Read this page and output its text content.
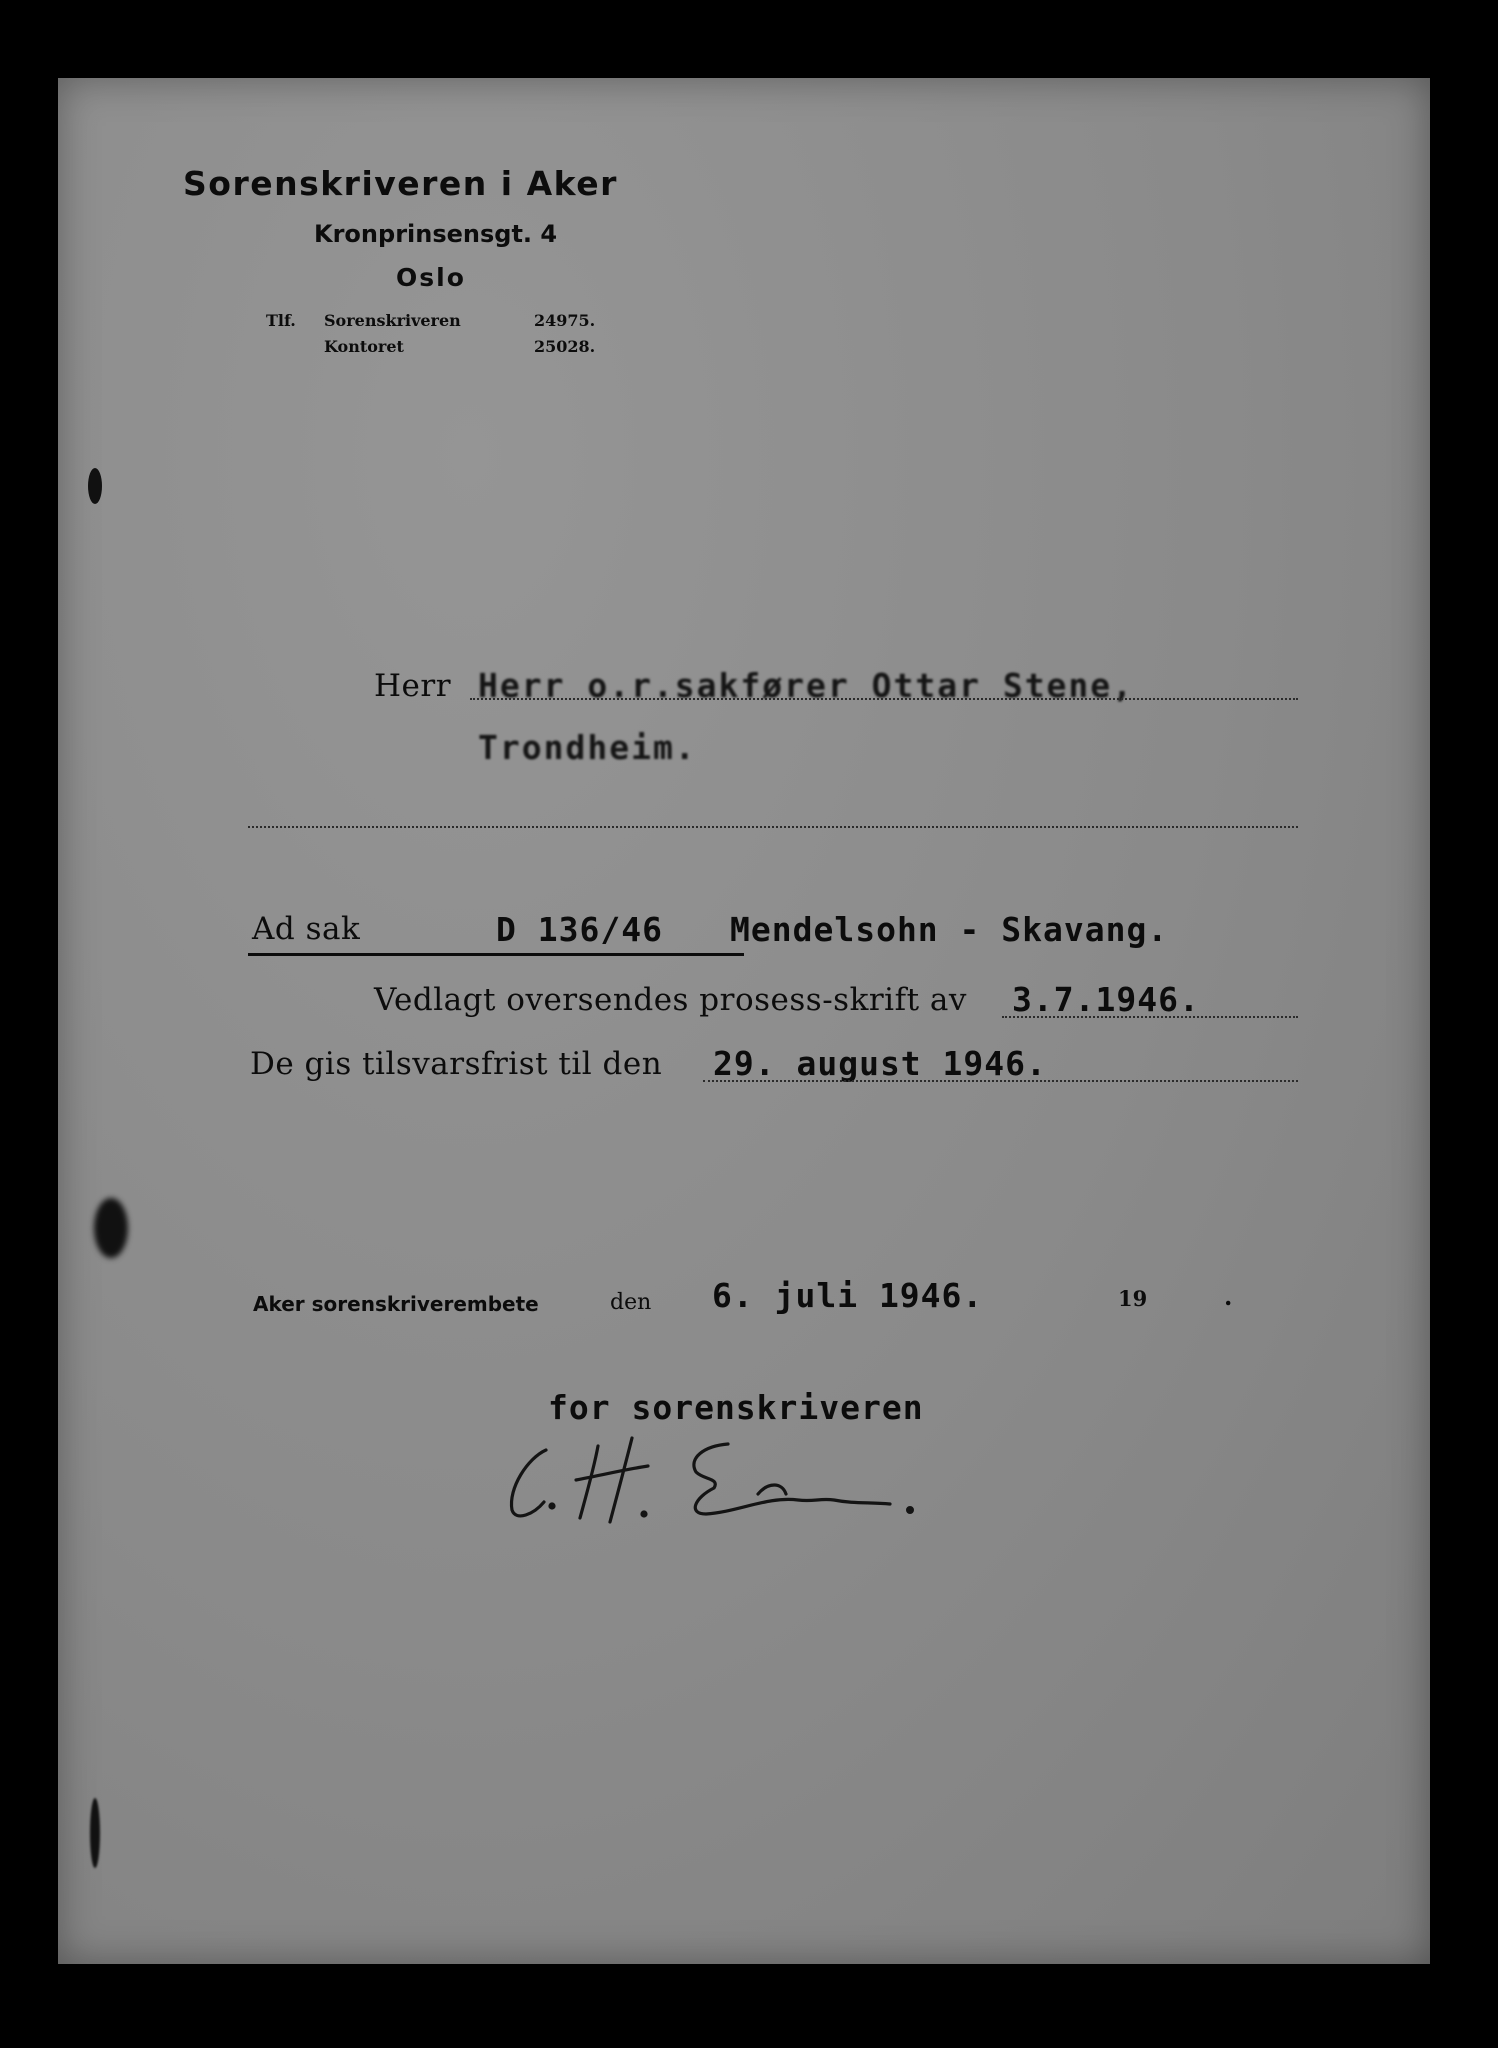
Sorenskriveren i Aker
Kronprinsensgt. 4
Oslo
Tlf. Sorenskriveren	24975.
Kontoret	25028.
Herr Herr o.r.sakfører Ottar Stene,
Trondheim.
Ad sak	D 136/46 Mendelsohn - Skavang.
Vedlagt oversendes prosess-skrift av 3.7.1946.
De gis tilsvarsfrist til den 29. august 1946.
Aker sorenskriverembete	den 6. juli 1946.	19	.
for sorenskriveren
